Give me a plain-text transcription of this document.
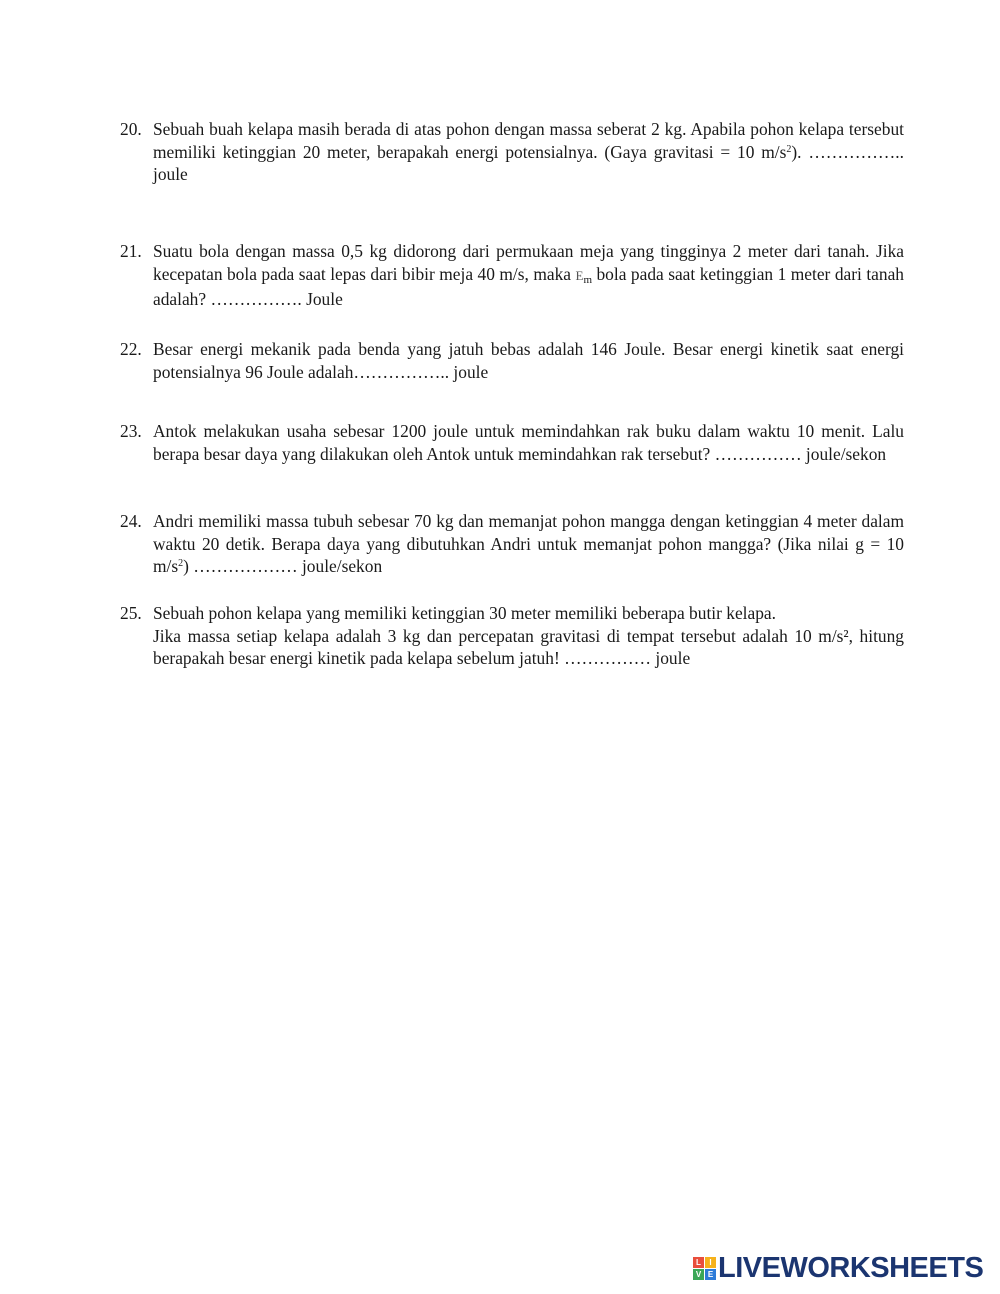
20. Sebuah buah kelapa masih berada di atas pohon dengan massa seberat 2 kg. Apabila pohon kelapa tersebut memiliki ketinggian 20 meter, berapakah energi potensialnya. (Gaya gravitasi = 10 $m/s^2$). …………….. joule
21. Suatu bola dengan massa 0,5 kg didorong dari permukaan meja yang tingginya 2 meter dari tanah. Jika kecepatan bola pada saat lepas dari bibir meja 40 m/s, maka Em bola pada saat ketinggian 1 meter dari tanah adalah? ……………. Joule
22. Besar energi mekanik pada benda yang jatuh bebas adalah 146 Joule. Besar energi kinetik saat energi potensialnya 96 Joule adalah…………….. joule
23. Antok melakukan usaha sebesar 1200 joule untuk memindahkan rak buku dalam waktu 10 menit. Lalu berapa besar daya yang dilakukan oleh Antok untuk memindahkan rak tersebut? …………… joule/sekon
24. Andri memiliki massa tubuh sebesar 70 kg dan memanjat pohon mangga dengan ketinggian 4 meter dalam waktu 20 detik. Berapa daya yang dibutuhkan Andri untuk memanjat pohon mangga? (Jika nilai g = 10 $m/s^2$) ……………… joule/sekon
25. Sebuah pohon kelapa yang memiliki ketinggian 30 meter memiliki beberapa butir kelapa.

Jika massa setiap kelapa adalah 3 kg dan percepatan gravitasi di tempat tersebut adalah 10 m/s², hitung berapakah besar energi kinetik pada kelapa sebelum jatuh! …………… joule

L	I
V E LIVEWORKSHEETS
